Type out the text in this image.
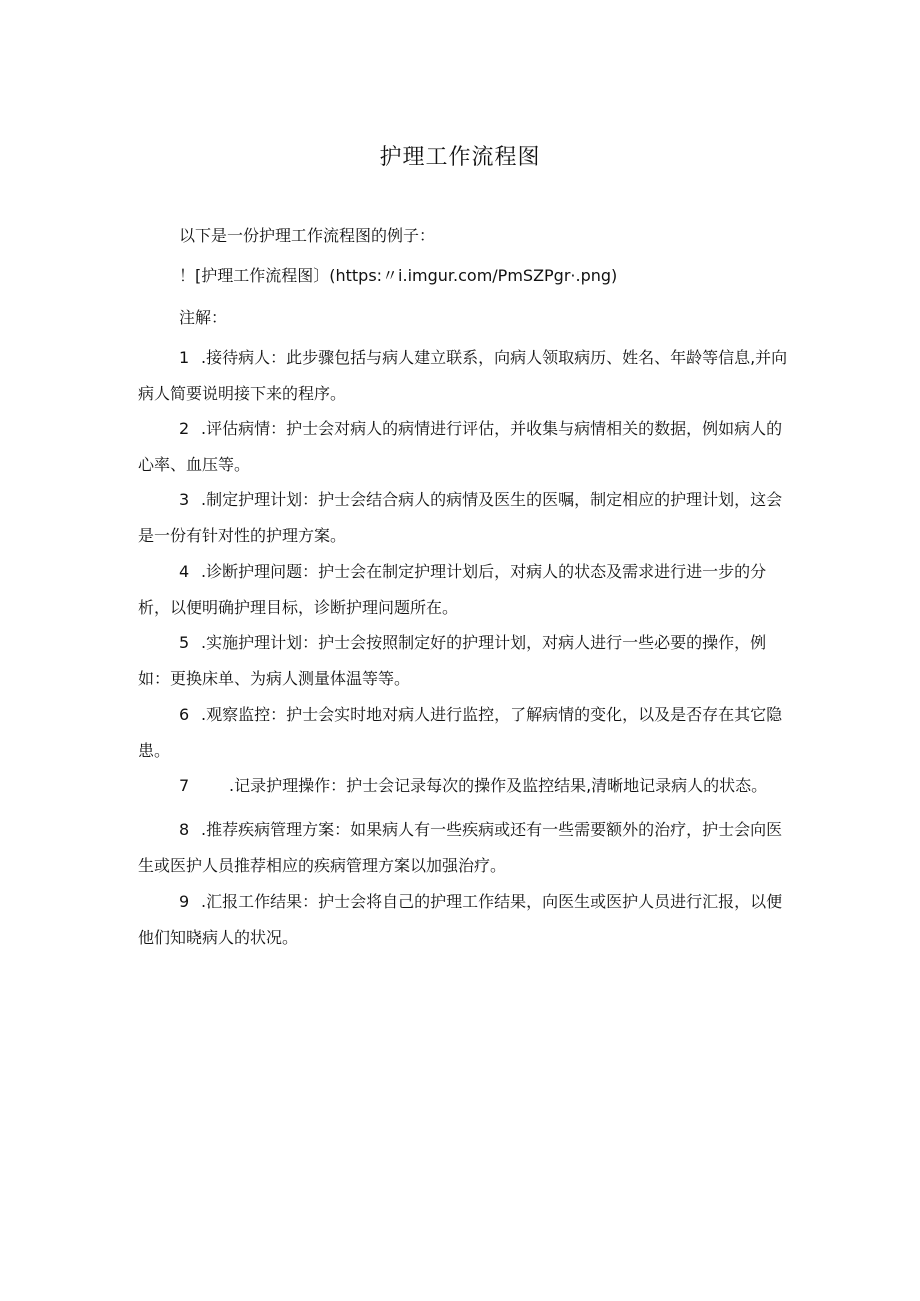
护理工作流程图

以下是一份护理工作流程图的例子：

！[护理工作流程图〕(https:〃i.imgur.com/PmSZPgr·.png)

注解：

1 .接待病人：此步骤包括与病人建立联系，向病人领取病历、姓名、年龄等信息,并向病人简要说明接下来的程序。

2 .评估病情：护士会对病人的病情进行评估，并收集与病情相关的数据，例如病人的心率、血压等。

3 .制定护理计划：护士会结合病人的病情及医生的医嘱，制定相应的护理计划，这会是一份有针对性的护理方案。

4 .诊断护理问题：护士会在制定护理计划后，对病人的状态及需求进行进一步的分析，以便明确护理目标，诊断护理问题所在。

5 .实施护理计划：护士会按照制定好的护理计划，对病人进行一些必要的操作，例如：更换床单、为病人测量体温等等。

6 .观察监控：护士会实时地对病人进行监控，了解病情的变化，以及是否存在其它隐患。

7 .记录护理操作：护士会记录每次的操作及监控结果,清晰地记录病人的状态。

8 .推荐疾病管理方案：如果病人有一些疾病或还有一些需要额外的治疗，护士会向医生或医护人员推荐相应的疾病管理方案以加强治疗。

9 .汇报工作结果：护士会将自己的护理工作结果，向医生或医护人员进行汇报，以便他们知晓病人的状况。
